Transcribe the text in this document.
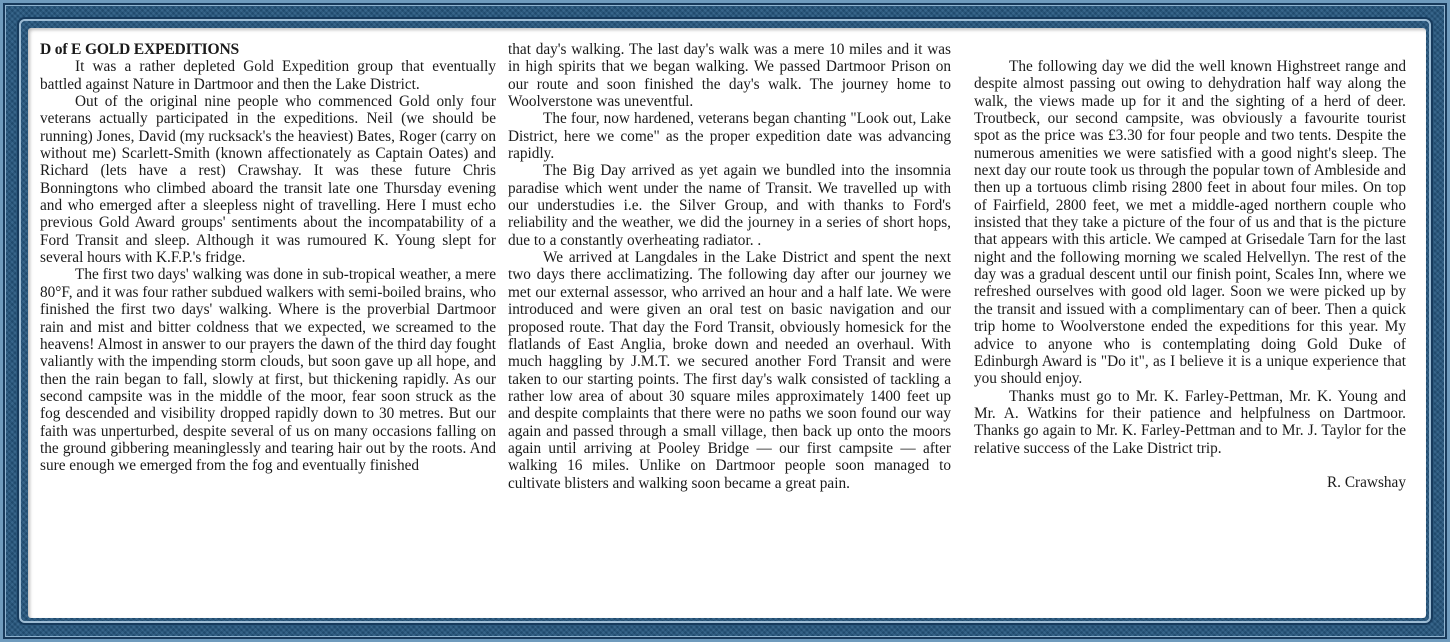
D of E GOLD EXPEDITIONS

It was a rather depleted Gold Expedition group that eventually battled against Nature in Dartmoor and then the Lake District.

Out of the original nine people who commenced Gold only four veterans actually participated in the expeditions. Neil (we should be running) Jones, David (my rucksack's the heaviest) Bates, Roger (carry on without me) Scarlett-Smith (known affectionately as Captain Oates) and Richard (lets have a rest) Crawshay. It was these future Chris Bonningtons who climbed aboard the transit late one Thursday evening and who emerged after a sleepless night of travelling. Here I must echo previous Gold Award groups' sentiments about the incompatability of a Ford Transit and sleep. Although it was rumoured K. Young slept for several hours with K.F.P.'s fridge.

The first two days' walking was done in sub-tropical weather, a mere 80°F, and it was four rather subdued walkers with semi-boiled brains, who finished the first two days' walking. Where is the proverbial Dartmoor rain and mist and bitter coldness that we expected, we screamed to the heavens! Almost in answer to our prayers the dawn of the third day fought valiantly with the impending storm clouds, but soon gave up all hope, and then the rain began to fall, slowly at first, but thickening rapidly. As our second campsite was in the middle of the moor, fear soon struck as the fog descended and visibility dropped rapidly down to 30 metres. But our faith was unperturbed, despite several of us on many occasions falling on the ground gibbering meaninglessly and tearing hair out by the roots. And sure enough we emerged from the fog and eventually finished

that day's walking. The last day's walk was a mere 10 miles and it was in high spirits that we began walking. We passed Dartmoor Prison on our route and soon finished the day's walk. The journey home to Woolverstone was uneventful.

The four, now hardened, veterans began chanting "Look out, Lake District, here we come" as the proper expedition date was advancing rapidly.

The Big Day arrived as yet again we bundled into the insomnia paradise which went under the name of Transit. We travelled up with our understudies i.e. the Silver Group, and with thanks to Ford's reliability and the weather, we did the journey in a series of short hops, due to a constantly overheating radiator. .

We arrived at Langdales in the Lake District and spent the next two days there acclimatizing. The following day after our journey we met our external assessor, who arrived an hour and a half late. We were introduced and were given an oral test on basic navigation and our proposed route. That day the Ford Transit, obviously homesick for the flatlands of East Anglia, broke down and needed an overhaul. With much haggling by J.M.T. we secured another Ford Transit and were taken to our starting points. The first day's walk consisted of tackling a rather low area of about 30 square miles approximately 1400 feet up and despite complaints that there were no paths we soon found our way again and passed through a small village, then back up onto the moors again until arriving at Pooley Bridge — our first campsite — after walking 16 miles. Unlike on Dartmoor people soon managed to cultivate blisters and walking soon became a great pain.

The following day we did the well known Highstreet range and despite almost passing out owing to dehydration half way along the walk, the views made up for it and the sighting of a herd of deer. Troutbeck, our second campsite, was obviously a favourite tourist spot as the price was £3.30 for four people and two tents. Despite the numerous amenities we were satisfied with a good night's sleep. The next day our route took us through the popular town of Ambleside and then up a tortuous climb rising 2800 feet in about four miles. On top of Fairfield, 2800 feet, we met a middle-aged northern couple who insisted that they take a picture of the four of us and that is the picture that appears with this article. We camped at Grisedale Tarn for the last night and the following morning we scaled Helvellyn. The rest of the day was a gradual descent until our finish point, Scales Inn, where we refreshed ourselves with good old lager. Soon we were picked up by the transit and issued with a complimentary can of beer. Then a quick trip home to Woolverstone ended the expeditions for this year. My advice to anyone who is contemplating doing Gold Duke of Edinburgh Award is "Do it", as I believe it is a unique experience that you should enjoy.

Thanks must go to Mr. K. Farley-Pettman, Mr. K. Young and Mr. A. Watkins for their patience and helpfulness on Dartmoor. Thanks go again to Mr. K. Farley-Pettman and to Mr. J. Taylor for the relative success of the Lake District trip.

R. Crawshay
